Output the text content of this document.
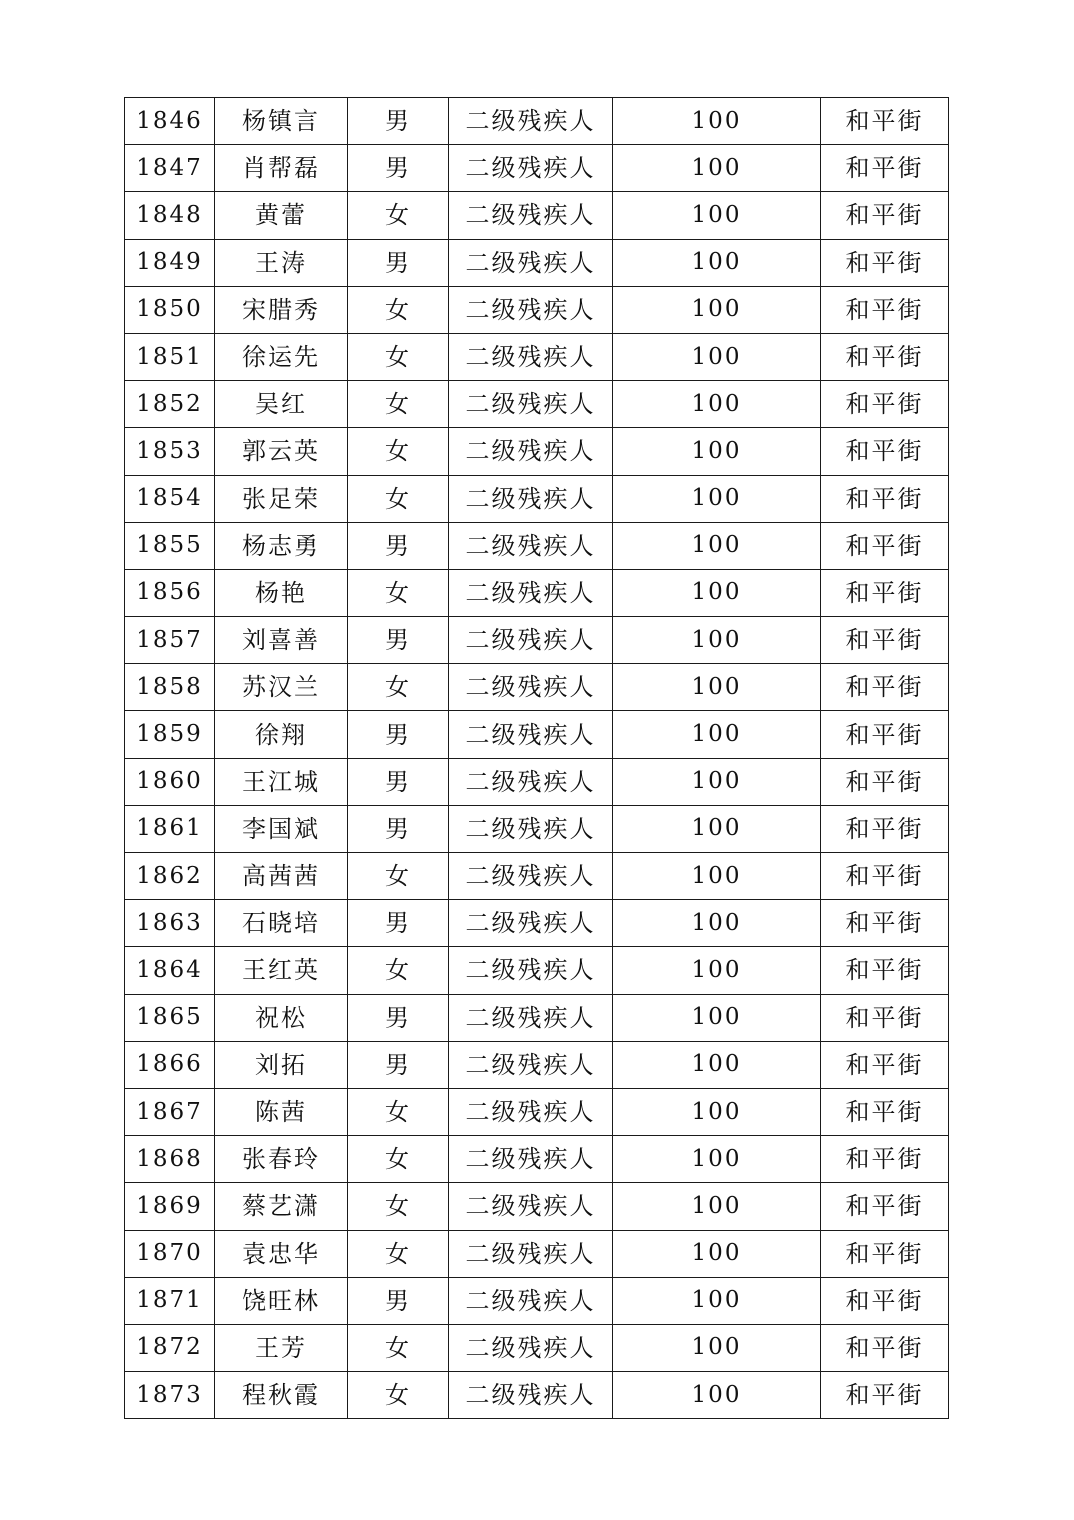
1846	杨镇言	男	二级残疾人	100	和平街
1847	肖帮磊	男	二级残疾人	100	和平街
1848	黄蕾	女	二级残疾人	100	和平街
1849	王涛	男	二级残疾人	100	和平街
1850	宋腊秀	女	二级残疾人	100	和平街
1851	徐运先	女	二级残疾人	100	和平街
1852	吴红	女	二级残疾人	100	和平街
1853	郭云英	女	二级残疾人	100	和平街
1854	张足荣	女	二级残疾人	100	和平街
1855	杨志勇	男	二级残疾人	100	和平街
1856	杨艳	女	二级残疾人	100	和平街
1857	刘喜善	男	二级残疾人	100	和平街
1858	苏汉兰	女	二级残疾人	100	和平街
1859	徐翔	男	二级残疾人	100	和平街
1860	王江城	男	二级残疾人	100	和平街
1861	李国斌	男	二级残疾人	100	和平街
1862	高茜茜	女	二级残疾人	100	和平街
1863	石晓培	男	二级残疾人	100	和平街
1864	王红英	女	二级残疾人	100	和平街
1865	祝松	男	二级残疾人	100	和平街
1866	刘拓	男	二级残疾人	100	和平街
1867	陈茜	女	二级残疾人	100	和平街
1868	张春玲	女	二级残疾人	100	和平街
1869	蔡艺潇	女	二级残疾人	100	和平街
1870	袁忠华	女	二级残疾人	100	和平街
1871	饶旺林	男	二级残疾人	100	和平街
1872	王芳	女	二级残疾人	100	和平街
1873	程秋霞	女	二级残疾人	100	和平街
